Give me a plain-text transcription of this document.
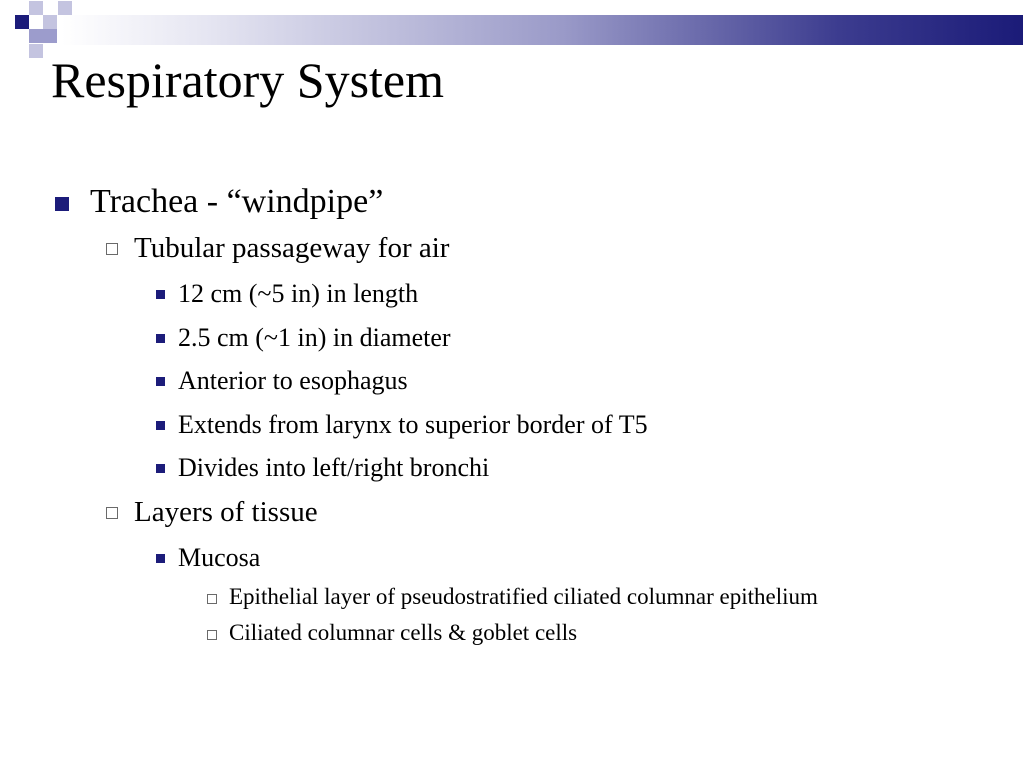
Respiratory System
Trachea - “windpipe”
Tubular passageway for air
12 cm (~5 in) in length
2.5 cm (~1 in) in diameter
Anterior to esophagus
Extends from larynx to superior border of T5
Divides into left/right bronchi
Layers of tissue
Mucosa
Epithelial layer of pseudostratified ciliated columnar epithelium
Ciliated columnar cells & goblet cells
